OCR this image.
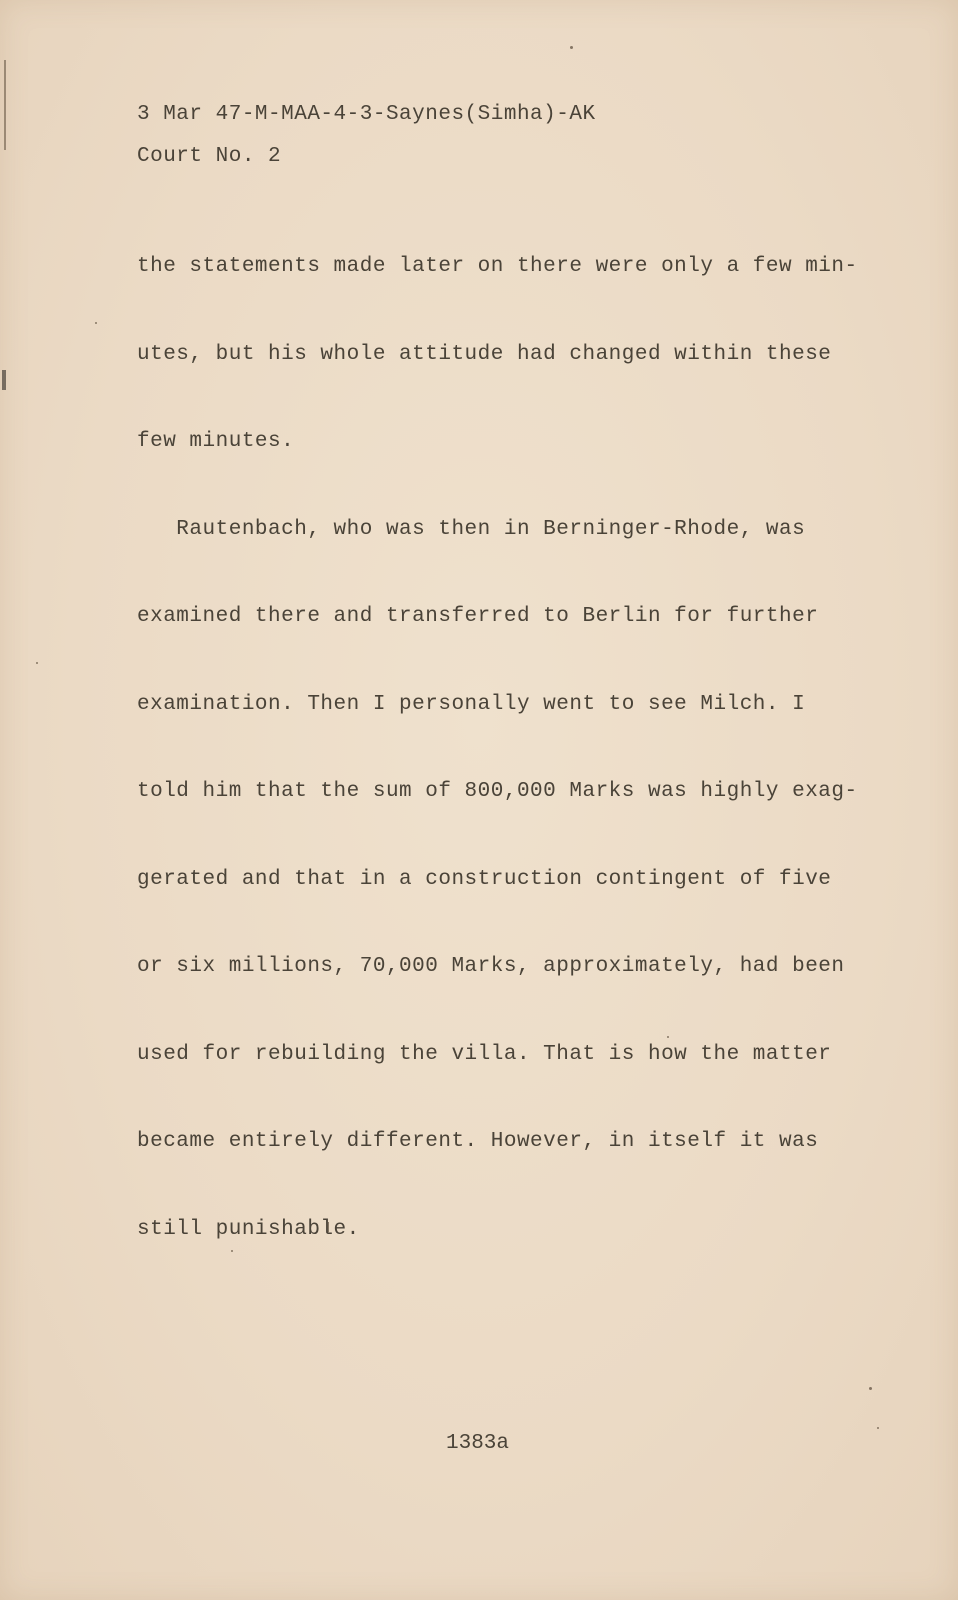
3 Mar 47-M-MAA-4-3-Saynes(Simha)-AK

Court No. 2

the statements made later on there were only a few min-

utes, but his whole attitude had changed within these

few minutes.

Rautenbach, who was then in Berninger-Rhode, was

examined there and transferred to Berlin for further

examination. Then I personally went to see Milch. I

told him that the sum of 800,000 Marks was highly exag-

gerated and that in a construction contingent of five

or six millions, 70,000 Marks, approximately, had been

used for rebuilding the villa. That is how the matter

became entirely different. However, in itself it was

still punishable.

1383a
